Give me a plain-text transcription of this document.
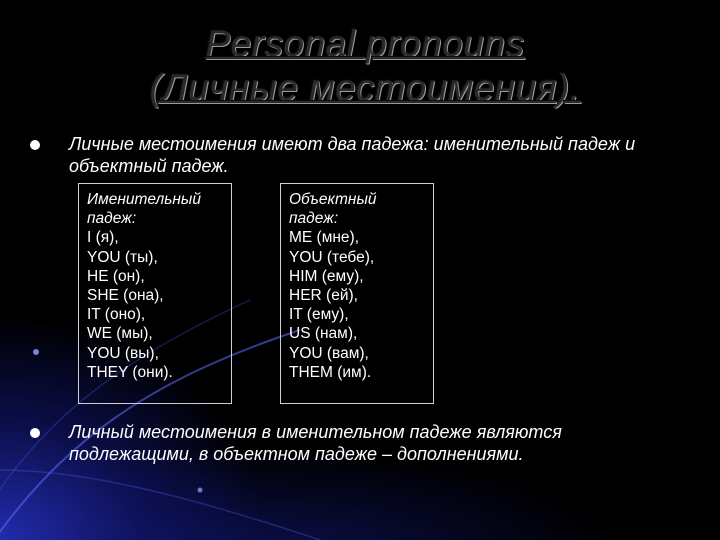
Personal pronouns
(Личные местоимения).
Личные местоимения имеют два падежа: именительный падеж и объектный падеж.
Именительный падеж:
I (я),
YOU (ты),
HE (он),
SHE (она),
IT (оно),
WE (мы),
YOU (вы),
THEY (они).
Объектный падеж:
ME (мне),
YOU (тебе),
HIM (ему),
HER (ей),
IT (ему),
US (нам),
YOU (вам),
THEM (им).
Личный местоимения в именительном падеже являются подлежащими, в объектном падеже – дополнениями.
